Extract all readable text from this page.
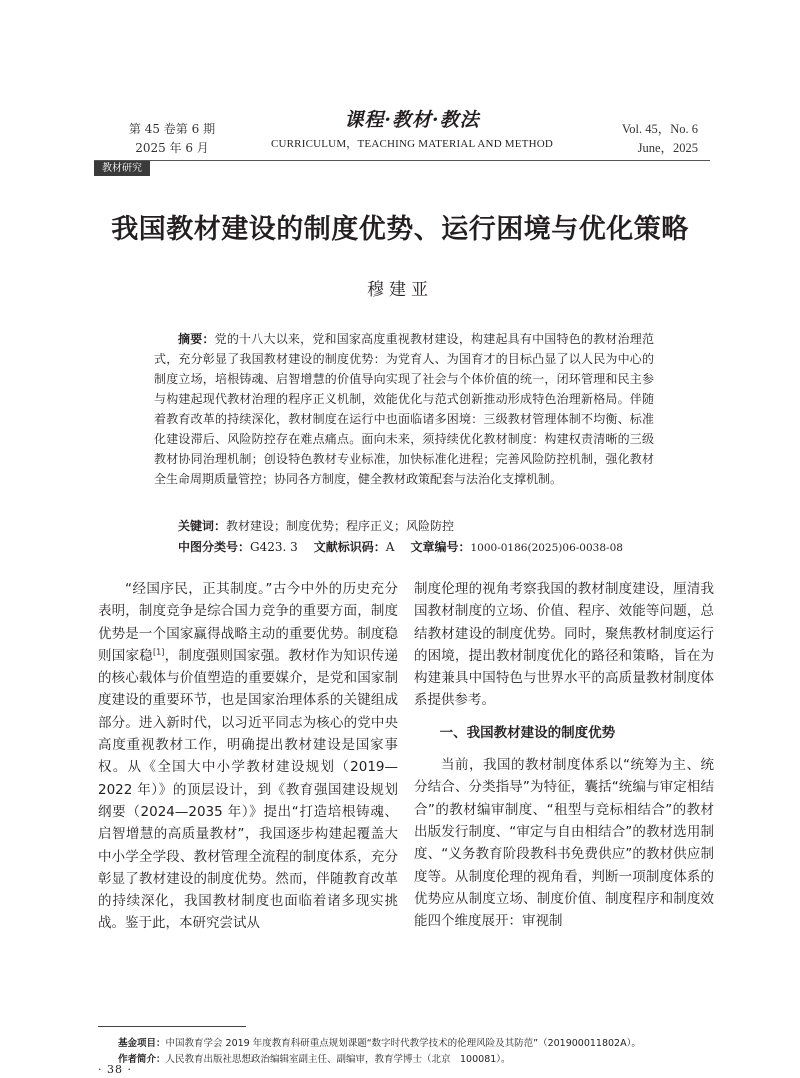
第 45 卷第 6 期
2025 年 6 月
课程·教材·教法
CURRICULUM，TEACHING MATERIAL AND METHOD
Vol. 45，No. 6
June，2025
教材研究
我国教材建设的制度优势、运行困境与优化策略
穆建亚

摘要：党的十八大以来，党和国家高度重视教材建设，构建起具有中国特色的教材治理范式，充分彰显了我国教材建设的制度优势：为党育人、为国育才的目标凸显了以人民为中心的制度立场，培根铸魂、启智增慧的价值导向实现了社会与个体价值的统一，闭环管理和民主参与构建起现代教材治理的程序正义机制，效能优化与范式创新推动形成特色治理新格局。伴随着教育改革的持续深化，教材制度在运行中也面临诸多困境：三级教材管理体制不均衡、标准化建设滞后、风险防控存在难点痛点。面向未来，须持续优化教材制度：构建权责清晰的三级教材协同治理机制；创设特色教材专业标准，加快标准化进程；完善风险防控机制，强化教材全生命周期质量管控；协同各方制度，健全教材政策配套与法治化支撑机制。

关键词：教材建设；制度优势；程序正义；风险防控
中图分类号：G423. 3 文献标识码：A 文章编号：1000-0186(2025)06-0038-08

“经国序民，正其制度。”古今中外的历史充分表明，制度竞争是综合国力竞争的重要方面，制度优势是一个国家赢得战略主动的重要优势。制度稳则国家稳[1]，制度强则国家强。教材作为知识传递的核心载体与价值塑造的重要媒介，是党和国家制度建设的重要环节，也是国家治理体系的关键组成部分。进入新时代，以习近平同志为核心的党中央高度重视教材工作，明确提出教材建设是国家事权。从《全国大中小学教材建设规划（2019—2022 年）》的顶层设计，到《教育强国建设规划纲要（2024—2035 年）》提出“打造培根铸魂、启智增慧的高质量教材”，我国逐步构建起覆盖大中小学全学段、教材管理全流程的制度体系，充分彰显了教材建设的制度优势。然而，伴随教育改革的持续深化，我国教材制度也面临着诸多现实挑战。鉴于此，本研究尝试从

制度伦理的视角考察我国的教材制度建设，厘清我国教材制度的立场、价值、程序、效能等问题，总结教材建设的制度优势。同时，聚焦教材制度运行的困境，提出教材制度优化的路径和策略，旨在为构建兼具中国特色与世界水平的高质量教材制度体系提供参考。

一、我国教材建设的制度优势

当前，我国的教材制度体系以“统筹为主、统分结合、分类指导”为特征，囊括“统编与审定相结合”的教材编审制度、“租型与竞标相结合”的教材出版发行制度、“审定与自由相结合”的教材选用制度、“义务教育阶段教科书免费供应”的教材供应制度等。从制度伦理的视角看，判断一项制度体系的优势应从制度立场、制度价值、制度程序和制度效能四个维度展开：审视制

基金项目：中国教育学会 2019 年度教育科研重点规划课题“数字时代教学技术的伦理风险及其防范”（201900011802A）。
作者简介：人民教育出版社思想政治编辑室副主任、副编审，教育学博士（北京　100081）。
· 38 ·
